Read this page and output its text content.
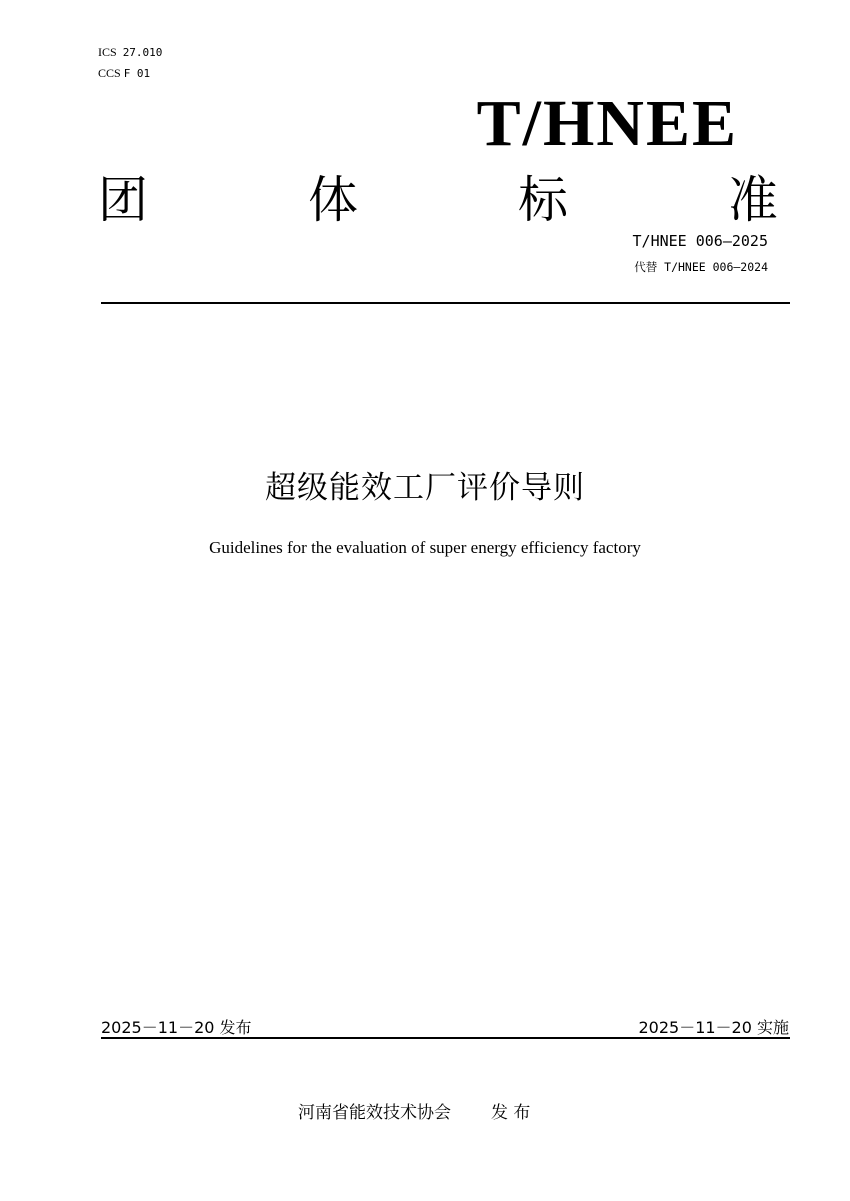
ICS 27.010
CCS F 01
T/HNEE
团	体	标	准
T/HNEE 006—2025
代替 T/HNEE 006—2024
超级能效工厂评价导则
Guidelines for the evaluation of super energy efficiency factory
2025－11－20 发布	2025－11－20 实施
河南省能效技术协会 发 布
